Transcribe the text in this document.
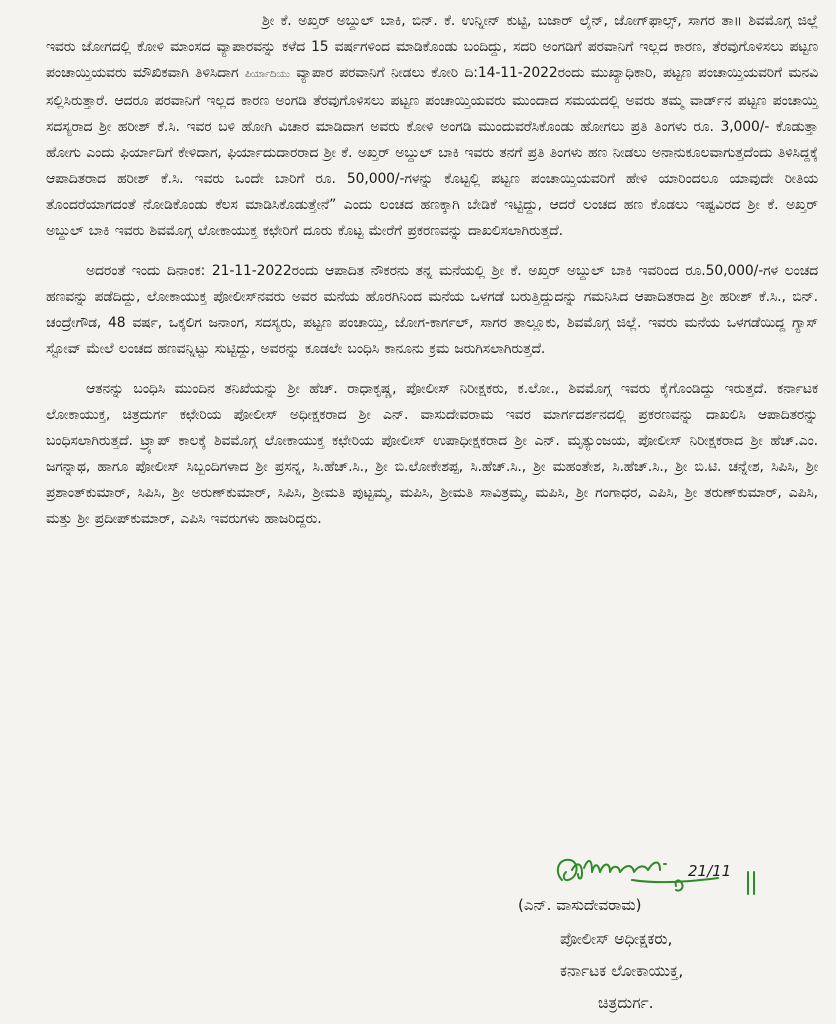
ಶ್ರೀ ಕೆ. ಅಖ್ತರ್ ಅಬ್ದುಲ್ ಬಾಕಿ, ಬಿನ್. ಕೆ. ಉನ್ನೀನ್ ಕುಟ್ಟಿ, ಬಜಾರ್ ಲೈನ್, ಜೋಗ್‌ಫಾಲ್ಸ್, ಸಾಗರ ತಾ॥ ಶಿವಮೊಗ್ಗ ಜಿಲ್ಲೆ ಇವರು ಜೋಗದಲ್ಲಿ ಕೋಳಿ ಮಾಂಸದ ವ್ಯಾಪಾರವನ್ನು ಕಳೆದ 15 ವರ್ಷಗಳಿಂದ ಮಾಡಿಕೊಂಡು ಬಂದಿದ್ದು, ಸದರಿ ಅಂಗಡಿಗೆ ಪರವಾನಿಗೆ ಇಲ್ಲದ ಕಾರಣ, ತೆರವುಗೊಳಿಸಲು ಪಟ್ಟಣ ಪಂಚಾಯ್ತಿಯವರು ಮೌಖಿಕವಾಗಿ ತಿಳಿಸಿದಾಗ ಪಿರ್ಯಾದಿಯು ವ್ಯಾಪಾರ ಪರವಾನಿಗೆ ನೀಡಲು ಕೋರಿ ದಿ:14-11-2022ರಂದು ಮುಖ್ಯಾಧಿಕಾರಿ, ಪಟ್ಟಣ ಪಂಚಾಯ್ತಿಯವರಿಗೆ ಮನವಿ ಸಲ್ಲಿಸಿರುತ್ತಾರೆ. ಆದರೂ ಪರವಾನಿಗೆ ಇಲ್ಲದ ಕಾರಣ ಅಂಗಡಿ ತೆರವುಗೊಳಿಸಲು ಪಟ್ಟಣ ಪಂಚಾಯ್ತಿಯವರು ಮುಂದಾದ ಸಮಯದಲ್ಲಿ ಅವರು ತಮ್ಮ ವಾರ್ಡ್‌ನ ಪಟ್ಟಣ ಪಂಚಾಯ್ತಿ ಸದಸ್ಯರಾದ ಶ್ರೀ ಹರೀಶ್ ಕೆ.ಸಿ. ಇವರ ಬಳಿ ಹೋಗಿ ವಿಚಾರ ಮಾಡಿದಾಗ ಅವರು ಕೋಳಿ ಅಂಗಡಿ ಮುಂದುವರೆಸಿಕೊಂಡು ಹೋಗಲು ಪ್ರತಿ ತಿಂಗಳು ರೂ. 3,000/- ಕೊಡುತ್ತಾ ಹೋಗು ಎಂದು ಫಿರ್ಯಾದಿಗೆ ಕೇಳಿದಾಗ, ಫಿರ್ಯಾದುದಾರರಾದ ಶ್ರೀ ಕೆ. ಅಖ್ತರ್ ಅಬ್ದುಲ್ ಬಾಕಿ ಇವರು ತನಗೆ ಪ್ರತಿ ತಿಂಗಳು ಹಣ ನೀಡಲು ಅನಾನುಕೂಲವಾಗುತ್ತದೆಂದು ತಿಳಿಸಿದ್ದಕ್ಕೆ ಆಪಾದಿತರಾದ ಹರೀಶ್ ಕೆ.ಸಿ. ಇವರು ಒಂದೇ ಬಾರಿಗೆ ರೂ. 50,000/-ಗಳನ್ನು ಕೊಟ್ಟಲ್ಲಿ ಪಟ್ಟಣ ಪಂಚಾಯ್ತಿಯವರಿಗೆ ಹೇಳಿ ಯಾರಿಂದಲೂ ಯಾವುದೇ ರೀತಿಯ ತೊಂದರೆಯಾಗದಂತೆ ನೋಡಿಕೊಂಡು ಕೆಲಸ ಮಾಡಿಸಿಕೊಡುತ್ತೇನೆ” ಎಂದು ಲಂಚದ ಹಣಕ್ಕಾಗಿ ಬೇಡಿಕೆ ಇಟ್ಟಿದ್ದು, ಆದರೆ ಲಂಚದ ಹಣ ಕೊಡಲು ಇಷ್ಟವಿರದ ಶ್ರೀ ಕೆ. ಅಖ್ತರ್ ಅಬ್ದುಲ್ ಬಾಕಿ ಇವರು ಶಿವಮೊಗ್ಗ ಲೋಕಾಯುಕ್ತ ಕಛೇರಿಗೆ ದೂರು ಕೊಟ್ಟ ಮೇರೆಗೆ ಪ್ರಕರಣವನ್ನು ದಾಖಲಿಸಲಾಗಿರುತ್ತದೆ.

ಅದರಂತೆ ಇಂದು ದಿನಾಂಕ: 21-11-2022ರಂದು ಆಪಾದಿತ ನೌಕರನು ತನ್ನ ಮನೆಯಲ್ಲಿ ಶ್ರೀ ಕೆ. ಅಖ್ತರ್ ಅಬ್ದುಲ್ ಬಾಕಿ ಇವರಿಂದ ರೂ.50,000/-ಗಳ ಲಂಚದ ಹಣವನ್ನು ಪಡೆದಿದ್ದು, ಲೋಕಾಯುಕ್ತ ಪೋಲೀಸ್‌ನವರು ಅವರ ಮನೆಯ ಹೊರಗಿನಿಂದ ಮನೆಯ ಒಳಗಡೆ ಬರುತ್ತಿದ್ದುದನ್ನು ಗಮನಿಸಿದ ಆಪಾದಿತರಾದ ಶ್ರೀ ಹರೀಶ್ ಕೆ.ಸಿ., ಬಿನ್. ಚಂದ್ರೇಗೌಡ, 48 ವರ್ಷ, ಒಕ್ಕಲಿಗ ಜನಾಂಗ, ಸದಸ್ಯರು, ಪಟ್ಟಣ ಪಂಚಾಯ್ತಿ, ಜೋಗ-ಕಾರ್ಗಲ್, ಸಾಗರ ತಾಲ್ಲೂಕು, ಶಿವಮೊಗ್ಗ ಜಿಲ್ಲೆ. ಇವರು ಮನೆಯ ಒಳಗಡೆಯಿದ್ದ ಗ್ಯಾಸ್ ಸ್ಟೋವ್ ಮೇಲೆ ಲಂಚದ ಹಣವನ್ನಿಟ್ಟು ಸುಟ್ಟಿದ್ದು, ಅವರನ್ನು ಕೂಡಲೇ ಬಂಧಿಸಿ ಕಾನೂನು ಕ್ರಮ ಜರುಗಿಸಲಾಗಿರುತ್ತದೆ.

ಆತನನ್ನು ಬಂಧಿಸಿ ಮುಂದಿನ ತನಿಖೆಯನ್ನು ಶ್ರೀ ಹೆಚ್. ರಾಧಾಕೃಷ್ಣ, ಪೋಲೀಸ್ ನಿರೀಕ್ಷಕರು, ಕ.ಲೋ., ಶಿವಮೊಗ್ಗ ಇವರು ಕೈಗೊಂಡಿದ್ದು ಇರುತ್ತದೆ. ಕರ್ನಾಟಕ ಲೋಕಾಯುಕ್ತ, ಚಿತ್ರದುರ್ಗ ಕಛೇರಿಯ ಪೋಲೀಸ್ ಅಧೀಕ್ಷಕರಾದ ಶ್ರೀ ಎನ್. ವಾಸುದೇವರಾಮ ಇವರ ಮಾರ್ಗದರ್ಶನದಲ್ಲಿ ಪ್ರಕರಣವನ್ನು ದಾಖಲಿಸಿ ಆಪಾದಿತರನ್ನು ಬಂಧಿಸಲಾಗಿರುತ್ತದೆ. ಟ್ರ್ಯಾಪ್ ಕಾಲಕ್ಕೆ ಶಿವಮೊಗ್ಗ ಲೋಕಾಯುಕ್ತ ಕಛೇರಿಯ ಪೋಲೀಸ್ ಉಪಾಧೀಕ್ಷಕರಾದ ಶ್ರೀ ಎನ್. ಮೃತ್ಯುಂಜಯ, ಪೋಲೀಸ್ ನಿರೀಕ್ಷಕರಾದ ಶ್ರೀ ಹೆಚ್.ಎಂ. ಜಗನ್ನಾಥ, ಹಾಗೂ ಪೋಲೀಸ್ ಸಿಬ್ಬಂದಿಗಳಾದ ಶ್ರೀ ಪ್ರಸನ್ನ, ಸಿ.ಹೆಚ್.ಸಿ., ಶ್ರೀ ಬಿ.ಲೋಕೇಶಪ್ಪ, ಸಿ.ಹೆಚ್.ಸಿ., ಶ್ರೀ ಮಹಂತೇಶ, ಸಿ.ಹೆಚ್.ಸಿ., ಶ್ರೀ ಬಿ.ಟಿ. ಚನ್ನೇಶ, ಸಿಪಿಸಿ, ಶ್ರೀ ಪ್ರಶಾಂತ್‌ಕುಮಾರ್, ಸಿಪಿಸಿ, ಶ್ರೀ ಅರುಣ್‌ಕುಮಾರ್, ಸಿಪಿಸಿ, ಶ್ರೀಮತಿ ಪುಟ್ಟಮ್ಮ, ಮಪಿಸಿ, ಶ್ರೀಮತಿ ಸಾವಿತ್ರಮ್ಮ, ಮಪಿಸಿ, ಶ್ರೀ ಗಂಗಾಧರ, ಎಪಿಸಿ, ಶ್ರೀ ತರುಣ್‌ಕುಮಾರ್, ಎಪಿಸಿ, ಮತ್ತು ಶ್ರೀ ಪ್ರದೀಪ್‌ಕುಮಾರ್, ಎಪಿಸಿ ಇವರುಗಳು ಹಾಜರಿದ್ದರು.

21/11
(ಎನ್. ವಾಸುದೇವರಾಮ)
ಪೋಲೀಸ್ ಅಧೀಕ್ಷಕರು,
ಕರ್ನಾಟಕ ಲೋಕಾಯುಕ್ತ,
ಚಿತ್ರದುರ್ಗ.
